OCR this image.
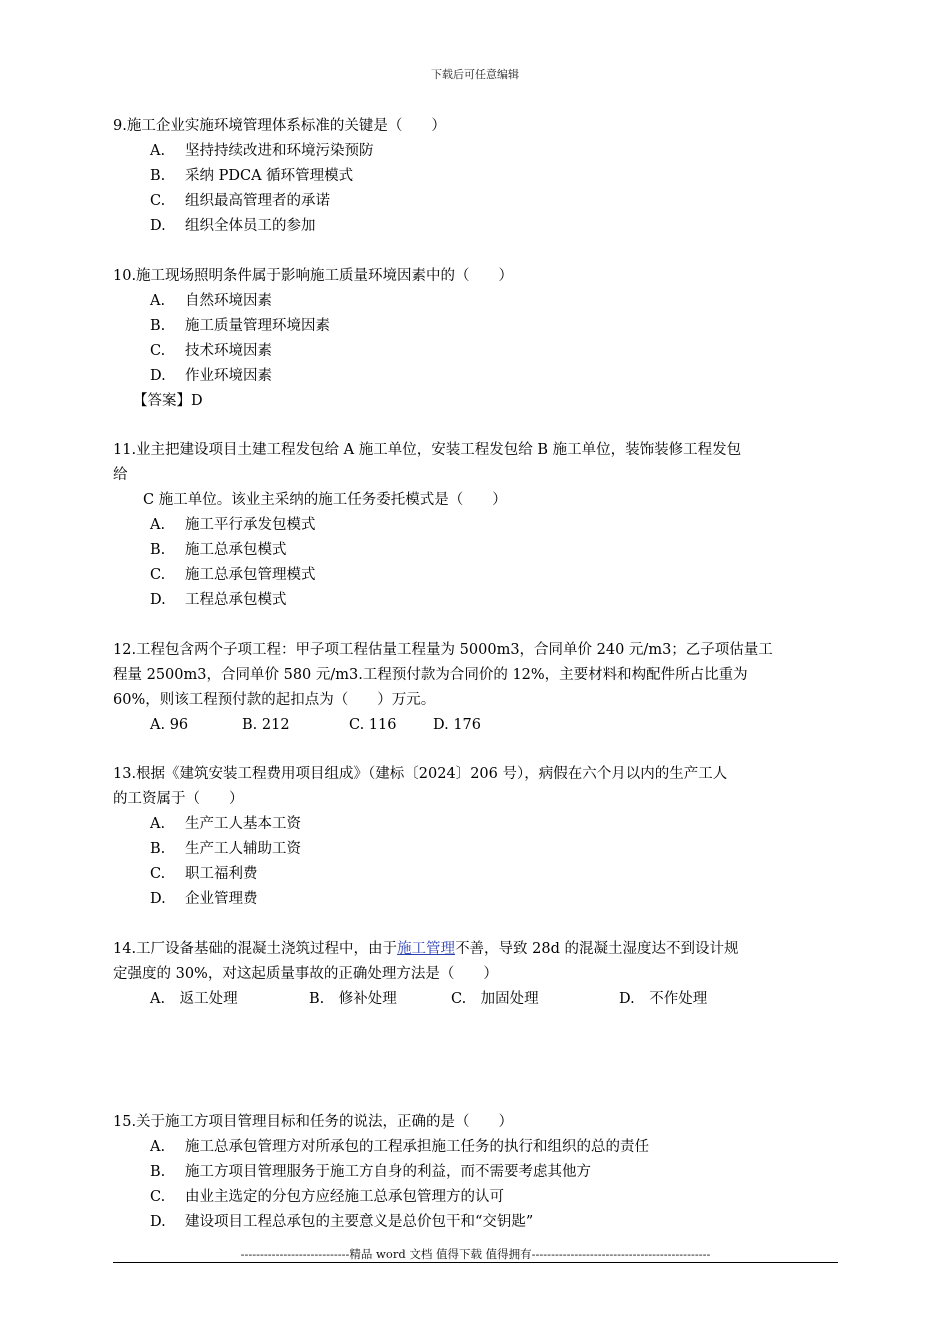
下载后可任意编辑
9.施工企业实施环境管理体系标准的关键是（　　）
A. 坚持持续改进和环境污染预防
B. 采纳 PDCA 循环管理模式
C. 组织最高管理者的承诺
D. 组织全体员工的参加
10.施工现场照明条件属于影响施工质量环境因素中的（　　）
A. 自然环境因素
B. 施工质量管理环境因素
C. 技术环境因素
D. 作业环境因素
【答案】D
11.业主把建设项目土建工程发包给 A 施工单位，安装工程发包给 B 施工单位，装饰装修工程发包
给
C 施工单位。该业主采纳的施工任务委托模式是（　　）
A. 施工平行承发包模式
B. 施工总承包模式
C. 施工总承包管理模式
D. 工程总承包模式
12.工程包含两个子项工程：甲子项工程估量工程量为 5000m3，合同单价 240 元/m3；乙子项估量工
程量 2500m3，合同单价 580 元/m3.工程预付款为合同价的 12%，主要材料和构配件所占比重为
60%，则该工程预付款的起扣点为（　　）万元。
A. 96	B. 212	C. 116	D. 176
13.根据《建筑安装工程费用项目组成》（建标〔2024〕206 号），病假在六个月以内的生产工人
的工资属于（　　）
A. 生产工人基本工资
B. 生产工人辅助工资
C. 职工福利费
D. 企业管理费
14.工厂设备基础的混凝土浇筑过程中，由于施工管理不善，导致 28d 的混凝土湿度达不到设计规
定强度的 30%，对这起质量事故的正确处理方法是（　　）
A.　返工处理	B.　修补处理	C.　加固处理	D.　不作处理
15.关于施工方项目管理目标和任务的说法，正确的是（　　）
A. 施工总承包管理方对所承包的工程承担施工任务的执行和组织的总的责任
B. 施工方项目管理服务于施工方自身的利益，而不需要考虑其他方
C. 由业主选定的分包方应经施工总承包管理方的认可
D. 建设项目工程总承包的主要意义是总价包干和“交钥匙”
----------------------------精品 word 文档 值得下载 值得拥有----------------------------------------------
